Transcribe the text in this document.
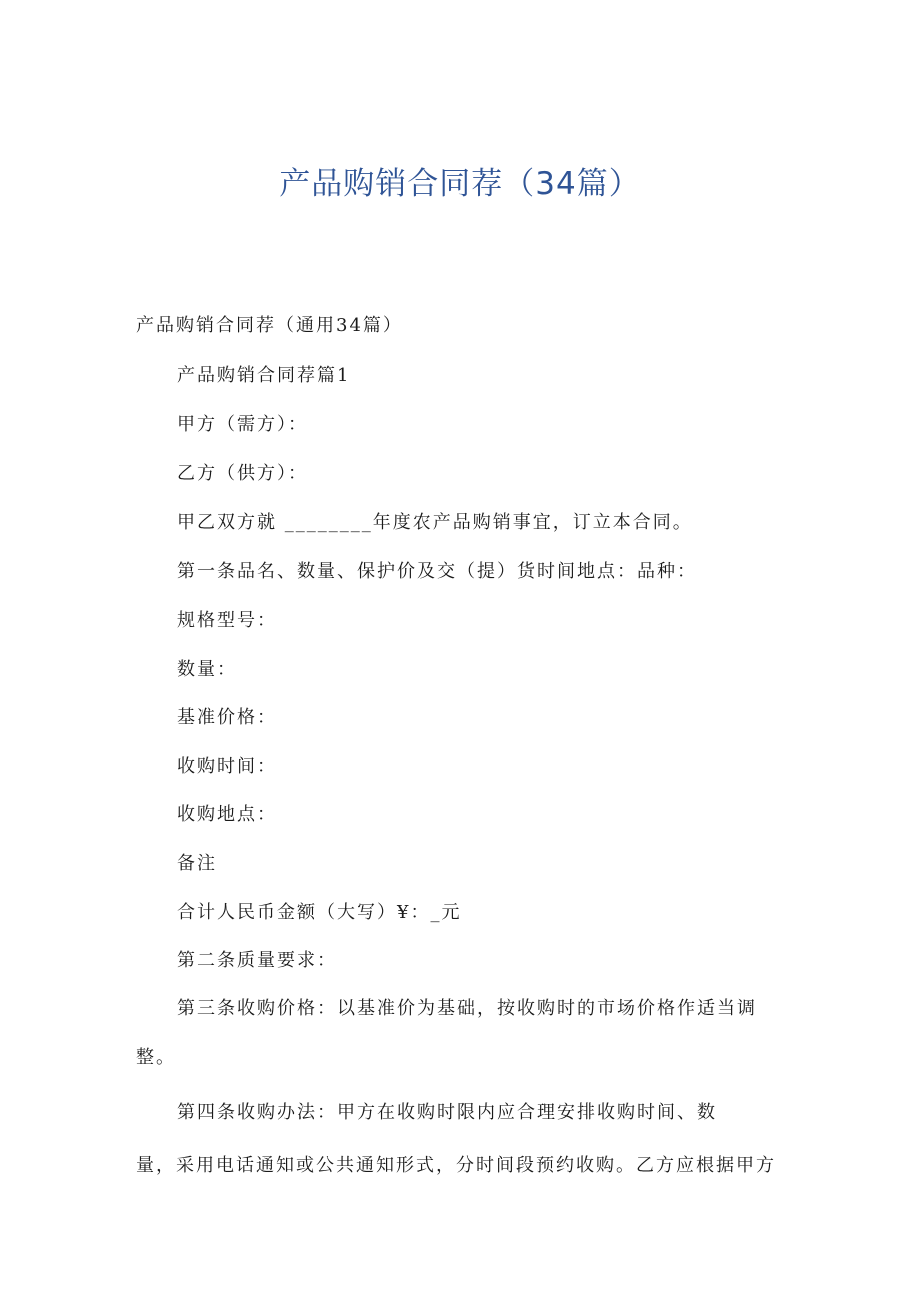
产品购销合同荐（34篇）

产品购销合同荐（通用34篇）

产品购销合同荐篇1

甲方（需方）：

乙方（供方）：

甲乙双方就 ________年度农产品购销事宜，订立本合同。

第一条品名、数量、保护价及交（提）货时间地点：品种：

规格型号：

数量：

基准价格：

收购时间：

收购地点：

备注

合计人民币金额（大写）¥：_元

第二条质量要求：

第三条收购价格：以基准价为基础，按收购时的市场价格作适当调

整。

第四条收购办法：甲方在收购时限内应合理安排收购时间、数

量，采用电话通知或公共通知形式，分时间段预约收购。乙方应根据甲方
